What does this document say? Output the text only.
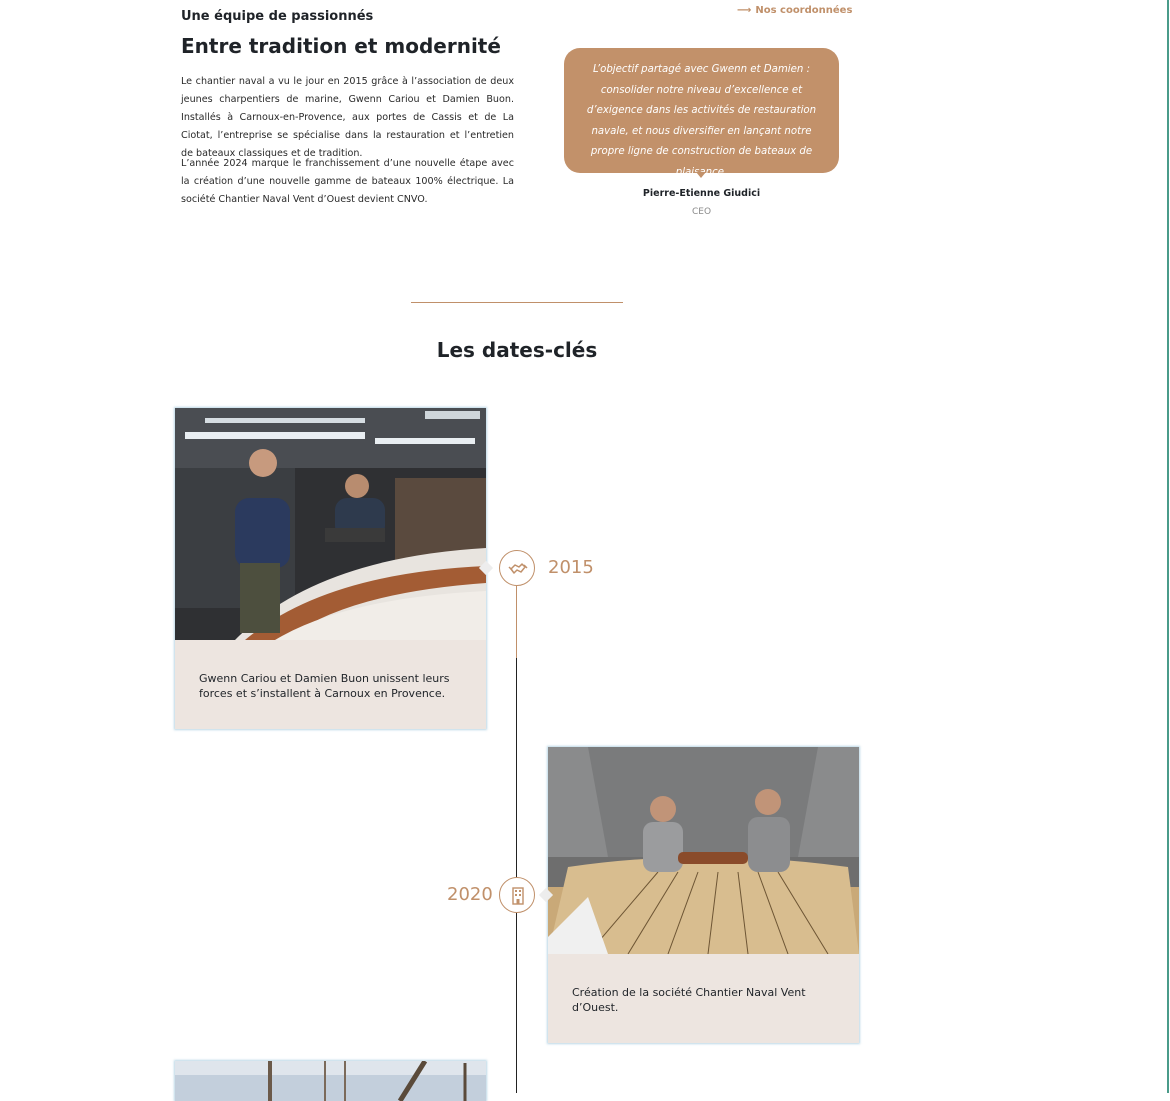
Une équipe de passionnés
Entre tradition et modernité

Le chantier naval a vu le jour en 2015 grâce à l’association de deux jeunes charpentiers de marine, Gwenn Cariou et Damien Buon. Installés à Carnoux-en-Provence, aux portes de Cassis et de La Ciotat, l’entreprise se spécialise dans la restauration et l’entretien de bateaux classiques et de tradition.

L’année 2024 marque le franchissement d’une nouvelle étape avec la création d’une nouvelle gamme de bateaux 100% électrique. La société Chantier Naval Vent d’Ouest devient CNVO.

⟶ Nos coordonnées
L’objectif partagé avec Gwenn et Damien : consolider notre niveau d’excellence et d’exigence dans les activités de restauration navale, et nous diversifier en lançant notre propre ligne de construction de bateaux de plaisance.
Pierre-Etienne Giudici
CEO
Les dates-clés

Gwenn Cariou et Damien Buon unissent leurs forces et s’installent à Carnoux en Provence.

2015

Création de la société Chantier Naval Vent d’Ouest.

2020
